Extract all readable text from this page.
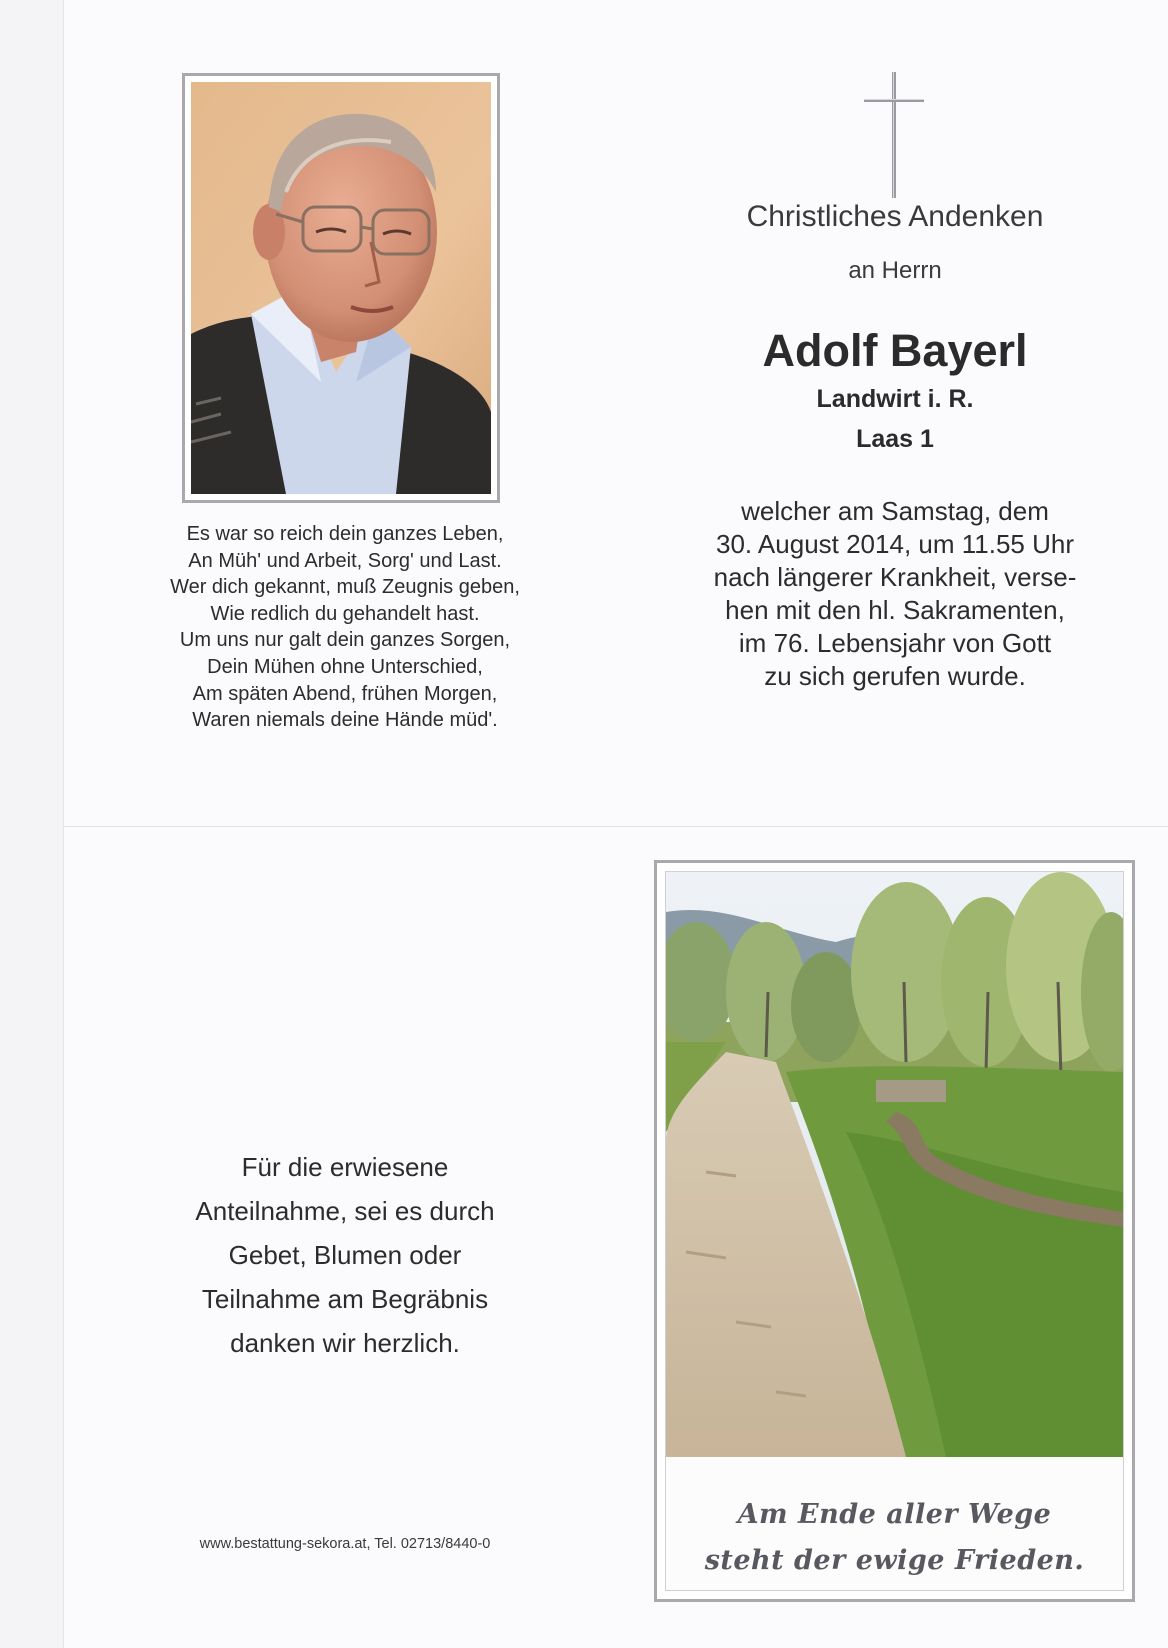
Es war so reich dein ganzes Leben,
An Müh' und Arbeit, Sorg' und Last.
Wer dich gekannt, muß Zeugnis geben,
Wie redlich du gehandelt hast.
Um uns nur galt dein ganzes Sorgen,
Dein Mühen ohne Unterschied,
Am späten Abend, frühen Morgen,
Waren niemals deine Hände müd'.
Christliches Andenken
an Herrn
Adolf Bayerl
Landwirt i. R.
Laas 1
welcher am Samstag, dem
30. August 2014, um 11.55 Uhr
nach längerer Krankheit, verse-
hen mit den hl. Sakramenten,
im 76. Lebensjahr von Gott
zu sich gerufen wurde.
Für die erwiesene
Anteilnahme, sei es durch
Gebet, Blumen oder
Teilnahme am Begräbnis
danken wir herzlich.
www.bestattung-sekora.at, Tel. 02713/8440-0
Am Ende aller Wege
steht der ewige Frieden.
